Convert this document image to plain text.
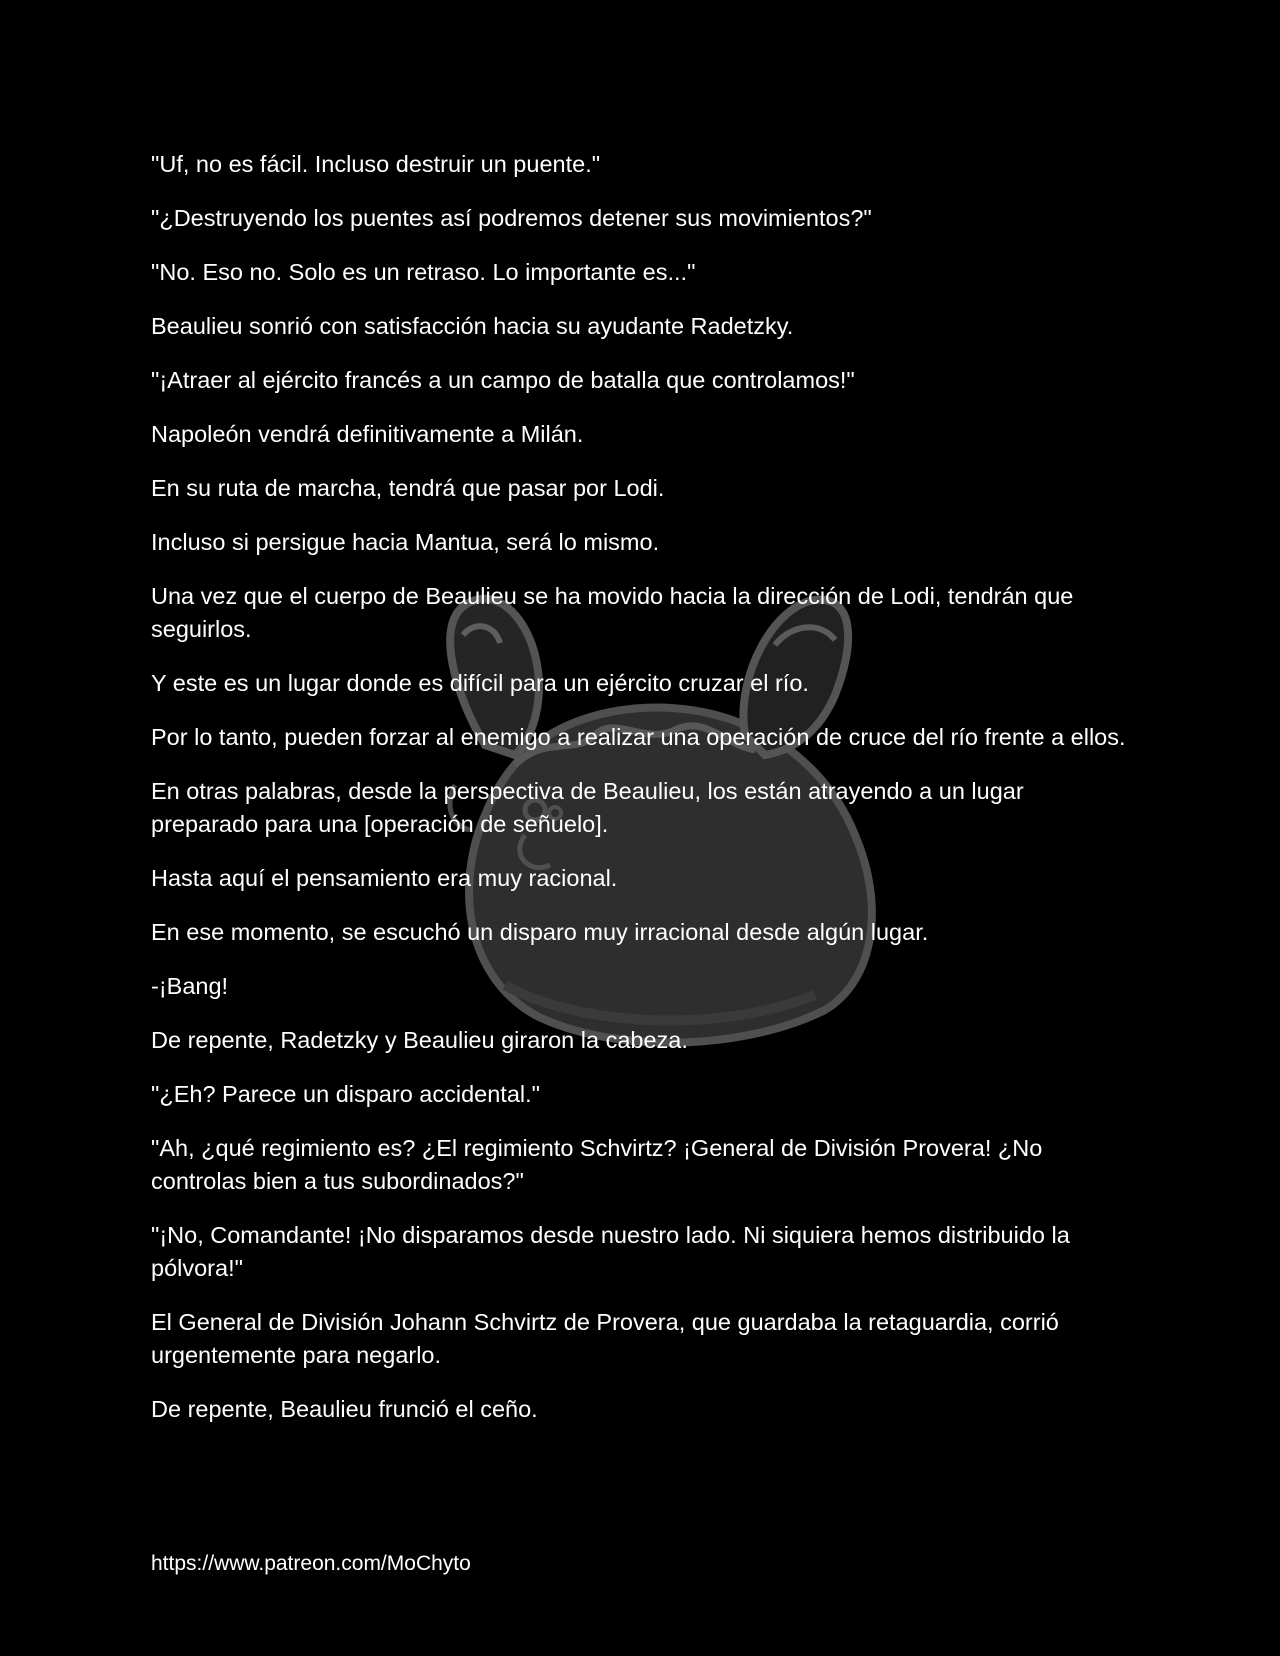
"Uf, no es fácil. Incluso destruir un puente."

"¿Destruyendo los puentes así podremos detener sus movimientos?"

"No. Eso no. Solo es un retraso. Lo importante es..."

Beaulieu sonrió con satisfacción hacia su ayudante Radetzky.

"¡Atraer al ejército francés a un campo de batalla que controlamos!"

Napoleón vendrá definitivamente a Milán.

En su ruta de marcha, tendrá que pasar por Lodi.

Incluso si persigue hacia Mantua, será lo mismo.

Una vez que el cuerpo de Beaulieu se ha movido hacia la dirección de Lodi, tendrán que seguirlos.

Y este es un lugar donde es difícil para un ejército cruzar el río.

Por lo tanto, pueden forzar al enemigo a realizar una operación de cruce del río frente a ellos.

En otras palabras, desde la perspectiva de Beaulieu, los están atrayendo a un lugar preparado para una [operación de señuelo].

Hasta aquí el pensamiento era muy racional.

En ese momento, se escuchó un disparo muy irracional desde algún lugar.

-¡Bang!

De repente, Radetzky y Beaulieu giraron la cabeza.

"¿Eh? Parece un disparo accidental."

"Ah, ¿qué regimiento es? ¿El regimiento Schvirtz? ¡General de División Provera! ¿No controlas bien a tus subordinados?"

"¡No, Comandante! ¡No disparamos desde nuestro lado. Ni siquiera hemos distribuido la pólvora!"

El General de División Johann Schvirtz de Provera, que guardaba la retaguardia, corrió urgentemente para negarlo.

De repente, Beaulieu frunció el ceño.

https://www.patreon.com/MoChyto
